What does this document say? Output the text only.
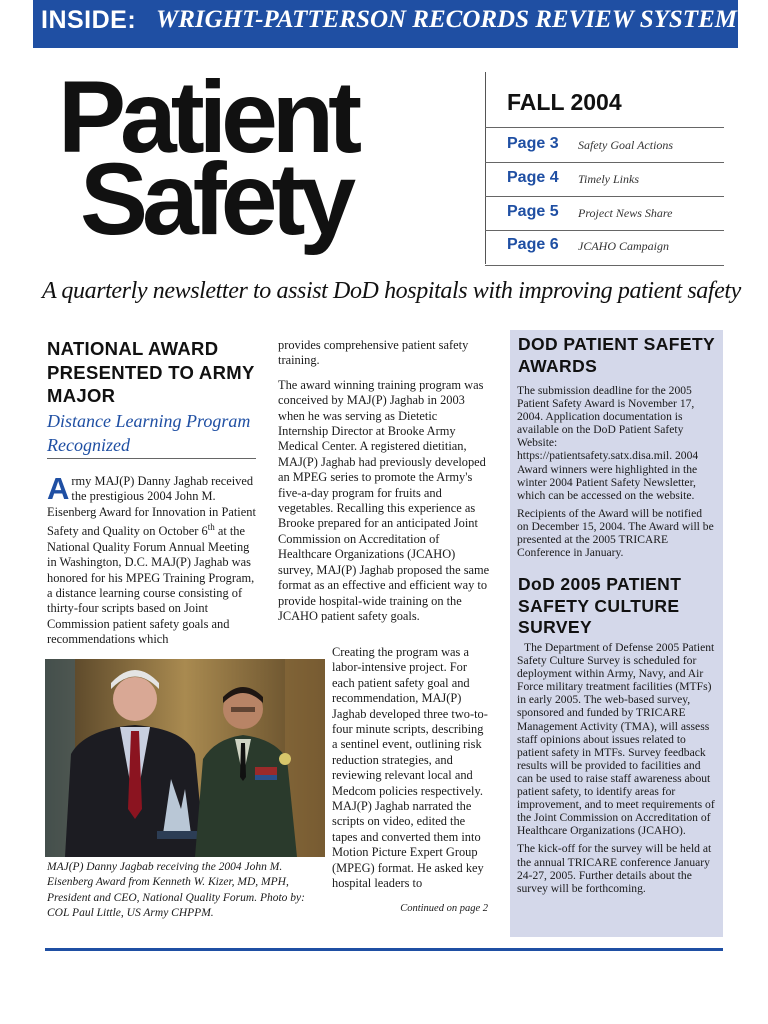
INSIDE: WRIGHT-PATTERSON RECORDS REVIEW SYSTEM
Patient
Safety
FALL 2004
Page 3 Safety Goal Actions
Page 4 Timely Links
Page 5 Project News Share
Page 6 JCAHO Campaign
A quarterly newsletter to assist DoD hospitals with improving patient safety
NATIONAL AWARD PRESENTED TO ARMY MAJOR
Distance Learning Program Recognized
Army MAJ(P) Danny Jaghab received the prestigious 2004 John M. Eisenberg Award for Innovation in Patient Safety and Quality on October 6th at the National Quality Forum Annual Meeting in Washington, D.C. MAJ(P) Jaghab was honored for his MPEG Training Program, a distance learning course consisting of thirty-four scripts based on Joint Commission patient safety goals and recommendations which
MAJ(P) Danny Jagbab receiving the 2004 John M. Eisenberg Award from Kenneth W. Kizer, MD, MPH, President and CEO, National Quality Forum. Photo by: COL Paul Little, US Army CHPPM.

provides comprehensive patient safety training.

The award winning training program was conceived by MAJ(P) Jaghab in 2003 when he was serving as Dietetic Internship Director at Brooke Army Medical Center. A registered dietitian, MAJ(P) Jaghab had previously developed an MPEG series to promote the Army's five-a-day program for fruits and vegetables. Recalling this experience as Brooke prepared for an anticipated Joint Commission on Accreditation of Healthcare Organizations (JCAHO) survey, MAJ(P) Jaghab proposed the same format as an effective and efficient way to provide hospital-wide training on the JCAHO patient safety goals.

Creating the program was a labor-intensive project. For each patient safety goal and recommendation, MAJ(P) Jaghab developed three two-to-four minute scripts, describing a sentinel event, outlining risk reduction strategies, and reviewing relevant local and Medcom policies respectively. MAJ(P) Jaghab narrated the scripts on video, edited the tapes and converted them into Motion Picture Expert Group (MPEG) format. He asked key hospital leaders to
Continued on page 2
DOD PATIENT SAFETY AWARDS

The submission deadline for the 2005 Patient Safety Award is November 17, 2004. Application documentation is available on the DoD Patient Safety Website: https://patientsafety.satx.disa.mil. 2004 Award winners were highlighted in the winter 2004 Patient Safety Newsletter, which can be accessed on the website.

Recipients of the Award will be notified on December 15, 2004. The Award will be presented at the 2005 TRICARE Conference in January.

DoD 2005 PATIENT SAFETY CULTURE SURVEY

The Department of Defense 2005 Patient Safety Culture Survey is scheduled for deployment within Army, Navy, and Air Force military treatment facilities (MTFs) in early 2005. The web-based survey, sponsored and funded by TRICARE Management Activity (TMA), will assess staff opinions about issues related to patient safety in MTFs. Survey feedback results will be provided to facilities and can be used to raise staff awareness about patient safety, to identify areas for improvement, and to meet requirements of the Joint Commission on Accreditation of Healthcare Organizations (JCAHO).

The kick-off for the survey will be held at the annual TRICARE conference January 24-27, 2005. Further details about the survey will be forthcoming.
